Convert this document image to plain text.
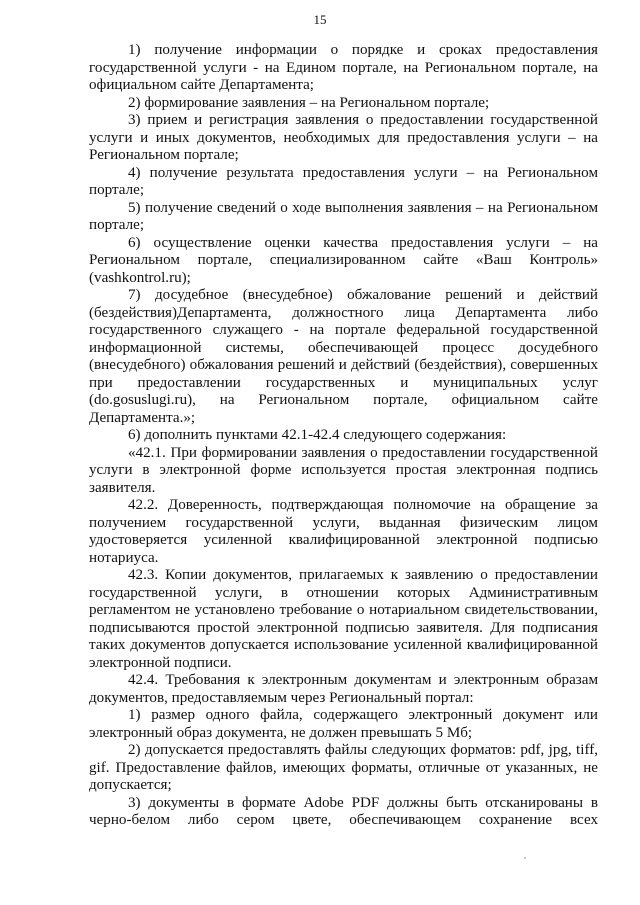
15

1) получение информации о порядке и сроках предоставления государственной услуги - на Едином портале, на Региональном портале, на официальном сайте Департамента;

2) формирование заявления – на Региональном портале;

3) прием и регистрация заявления о предоставлении государственной услуги и иных документов, необходимых для предоставления услуги – на Региональном портале;

4) получение результата предоставления услуги – на Региональном портале;

5) получение сведений о ходе выполнения заявления – на Региональном портале;

6) осуществление оценки качества предоставления услуги – на Региональном портале, специализированном сайте «Ваш Контроль» (vashkontrol.ru);

7) досудебное (внесудебное) обжалование решений и действий (бездействия)Департамента, должностного лица Департамента либо государственного служащего - на портале федеральной государственной информационной системы, обеспечивающей процесс досудебного (внесудебного) обжалования решений и действий (бездействия), совершенных при предоставлении государственных и муниципальных услуг (do.gosuslugi.ru), на Региональном портале, официальном сайте Департамента.»;

6) дополнить пунктами 42.1-42.4 следующего содержания:

«42.1. При формировании заявления о предоставлении государственной услуги в электронной форме используется простая электронная подпись заявителя.

42.2. Доверенность, подтверждающая полномочие на обращение за получением государственной услуги, выданная физическим лицом удостоверяется усиленной квалифицированной электронной подписью нотариуса.

42.3. Копии документов, прилагаемых к заявлению о предоставлении государственной услуги, в отношении которых Административным регламентом не установлено требование о нотариальном свидетельствовании, подписываются простой электронной подписью заявителя. Для подписания таких документов допускается использование усиленной квалифицированной электронной подписи.

42.4. Требования к электронным документам и электронным образам документов, предоставляемым через Региональный портал:

1) размер одного файла, содержащего электронный документ или электронный образ документа, не должен превышать 5 Мб;

2) допускается предоставлять файлы следующих форматов: pdf, jpg, tiff, gif. Предоставление файлов, имеющих форматы, отличные от указанных, не допускается;

3) документы в формате Adobe PDF должны быть отсканированы в черно-белом либо сером цвете, обеспечивающем сохранение всех
